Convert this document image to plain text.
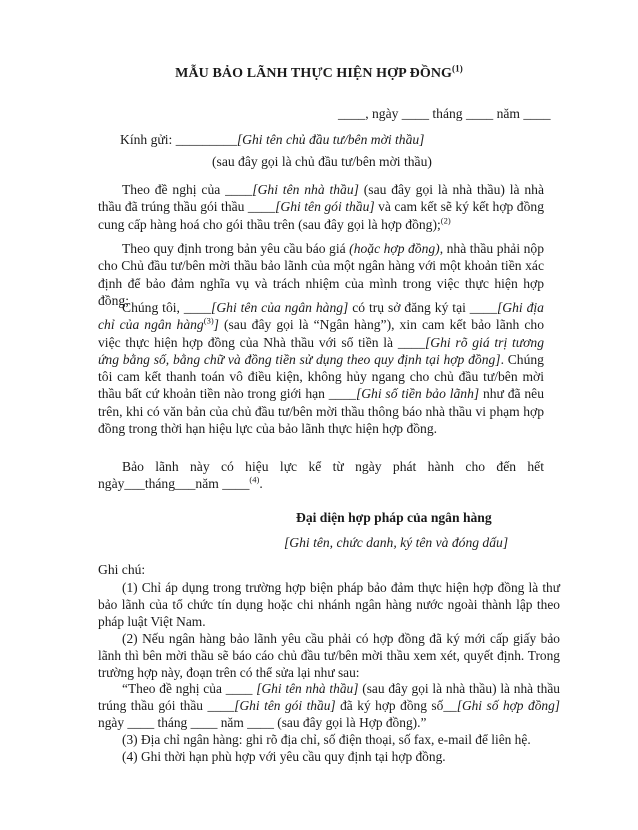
MẪU BẢO LÃNH THỰC HIỆN HỢP ĐỒNG$^{(1)}$
____, ngày ____ tháng ____ năm ____
Kính gửi: _________[Ghi tên chủ đầu tư/bên mời thầu]
(sau đây gọi là chủ đầu tư/bên mời thầu)
Theo đề nghị của ____[Ghi tên nhà thầu] (sau đây gọi là nhà thầu) là nhà thầu đã trúng thầu gói thầu ____[Ghi tên gói thầu] và cam kết sẽ ký kết hợp đồng cung cấp hàng hoá cho gói thầu trên (sau đây gọi là hợp đồng);$^{(2)}$
Theo quy định trong bản yêu cầu báo giá (hoặc hợp đồng), nhà thầu phải nộp cho Chủ đầu tư/bên mời thầu bảo lãnh của một ngân hàng với một khoản tiền xác định để bảo đảm nghĩa vụ và trách nhiệm của mình trong việc thực hiện hợp đồng;
Chúng tôi, ____[Ghi tên của ngân hàng] có trụ sở đăng ký tại ____[Ghi địa chỉ của ngân hàng$^{(3)}$] (sau đây gọi là “Ngân hàng”), xin cam kết bảo lãnh cho việc thực hiện hợp đồng của Nhà thầu với số tiền là ____[Ghi rõ giá trị tương ứng bằng số, bằng chữ và đồng tiền sử dụng theo quy định tại hợp đồng]. Chúng tôi cam kết thanh toán vô điều kiện, không hủy ngang cho chủ đầu tư/bên mời thầu bất cứ khoản tiền nào trong giới hạn ____[Ghi số tiền bảo lãnh] như đã nêu trên, khi có văn bản của chủ đầu tư/bên mời thầu thông báo nhà thầu vi phạm hợp đồng trong thời hạn hiệu lực của bảo lãnh thực hiện hợp đồng.
Bảo lãnh này có hiệu lực kể từ ngày phát hành cho đến hết ngày___tháng___năm ____$^{(4)}$.
Đại diện hợp pháp của ngân hàng
[Ghi tên, chức danh, ký tên và đóng dấu]
Ghi chú:

(1) Chỉ áp dụng trong trường hợp biện pháp bảo đảm thực hiện hợp đồng là thư bảo lãnh của tổ chức tín dụng hoặc chi nhánh ngân hàng nước ngoài thành lập theo pháp luật Việt Nam.

(2) Nếu ngân hàng bảo lãnh yêu cầu phải có hợp đồng đã ký mới cấp giấy bảo lãnh thì bên mời thầu sẽ báo cáo chủ đầu tư/bên mời thầu xem xét, quyết định. Trong trường hợp này, đoạn trên có thể sửa lại như sau:

“Theo đề nghị của ____ [Ghi tên nhà thầu] (sau đây gọi là nhà thầu) là nhà thầu trúng thầu gói thầu ____[Ghi tên gói thầu] đã ký hợp đồng số__[Ghi số hợp đồng] ngày ____ tháng ____ năm ____ (sau đây gọi là Hợp đồng).”

(3) Địa chỉ ngân hàng: ghi rõ địa chỉ, số điện thoại, số fax, e-mail để liên hệ.

(4) Ghi thời hạn phù hợp với yêu cầu quy định tại hợp đồng.
